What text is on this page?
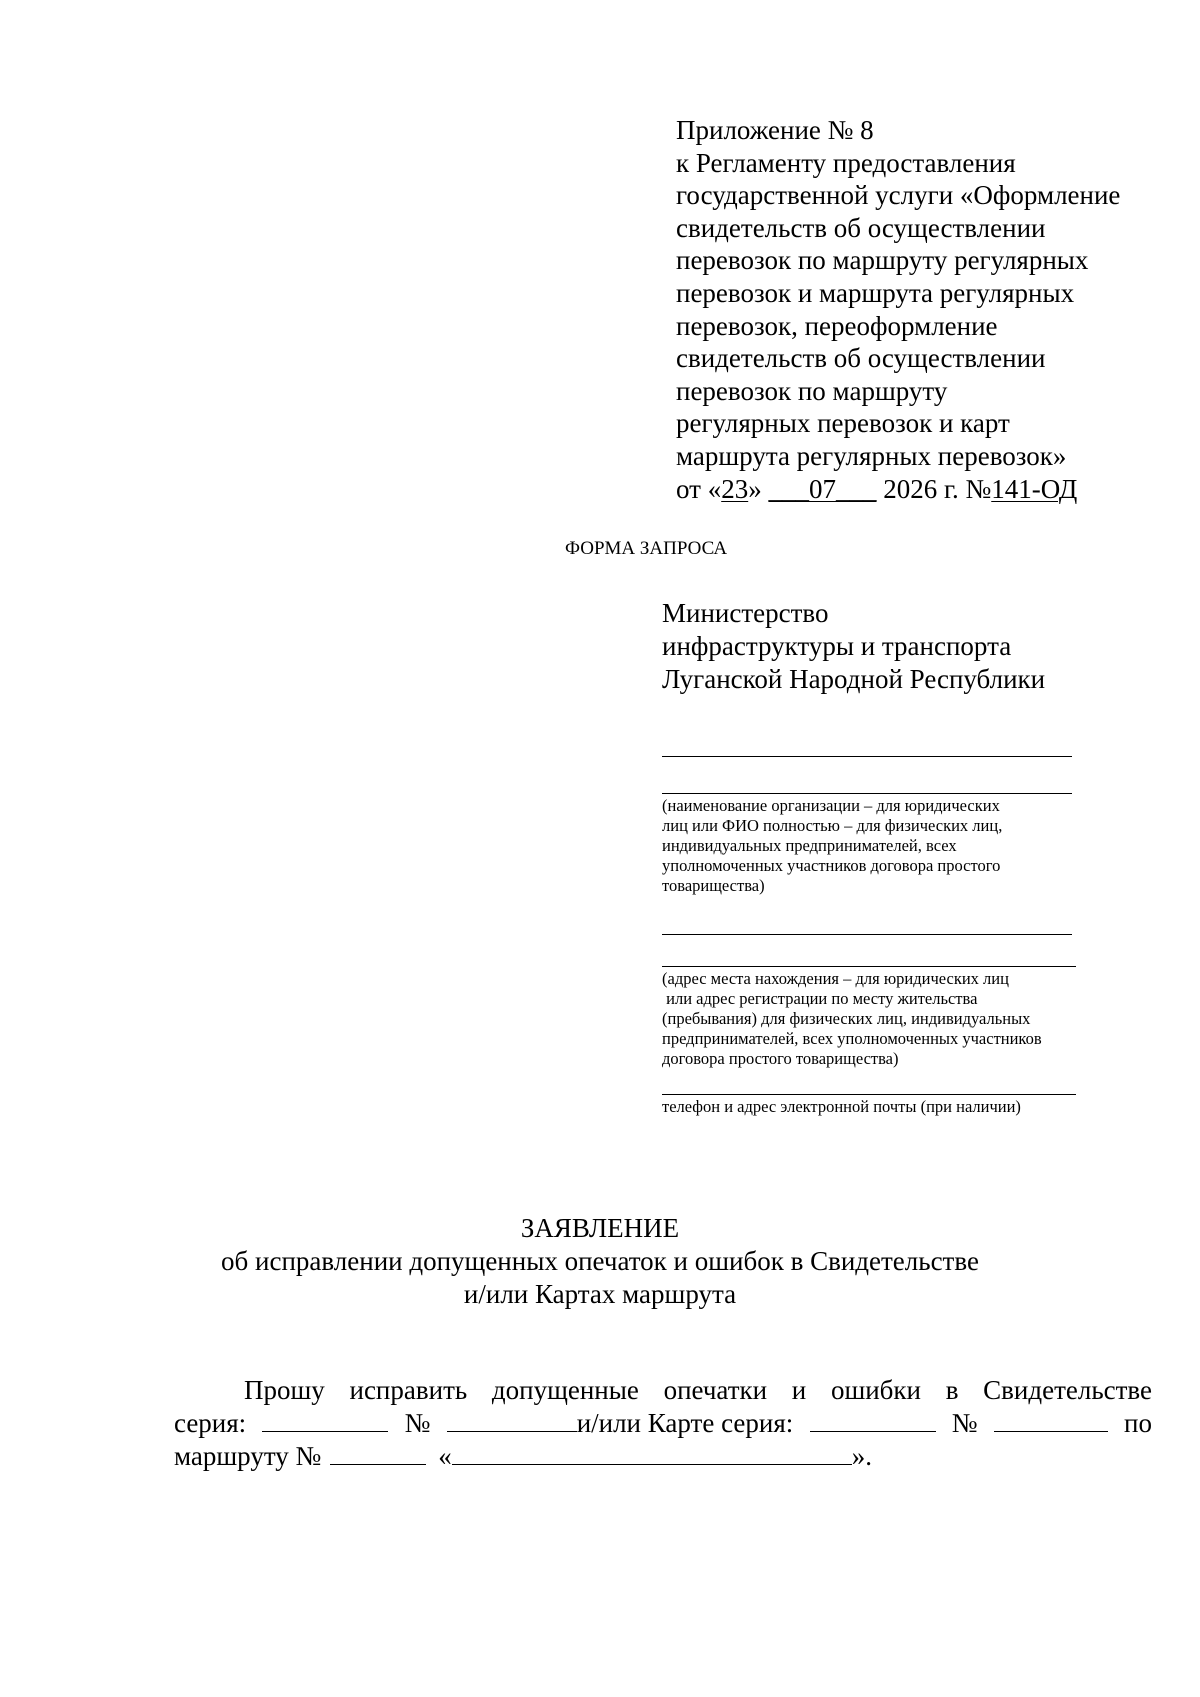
Приложение № 8
к Регламенту предоставления
государственной услуги «Оформление
свидетельств об осуществлении
перевозок по маршруту регулярных
перевозок и маршрута регулярных
перевозок, переоформление
свидетельств об осуществлении
перевозок по маршруту
регулярных перевозок и карт
маршрута регулярных перевозок»
от «23» ___07___ 2026 г. №141-ОД
ФОРМА ЗАПРОСА
Министерство
инфраструктуры и транспорта
Луганской Народной Республики
(наименование организации – для юридических
лиц или ФИО полностью – для физических лиц,
индивидуальных предпринимателей, всех
уполномоченных участников договора простого
товарищества)
(адрес места нахождения – для юридических лиц
или адрес регистрации по месту жительства
(пребывания) для физических лиц, индивидуальных
предпринимателей, всех уполномоченных участников
договора простого товарищества)
телефон и адрес электронной почты (при наличии)
ЗАЯВЛЕНИЕ
об исправлении допущенных опечаток и ошибок в Свидетельстве
и/или Картах маршрута
Прошу исправить допущенные опечатки и ошибки в Свидетельстве
серия:	№	и/или Карте серия:	№	по
маршруту №	«	».
